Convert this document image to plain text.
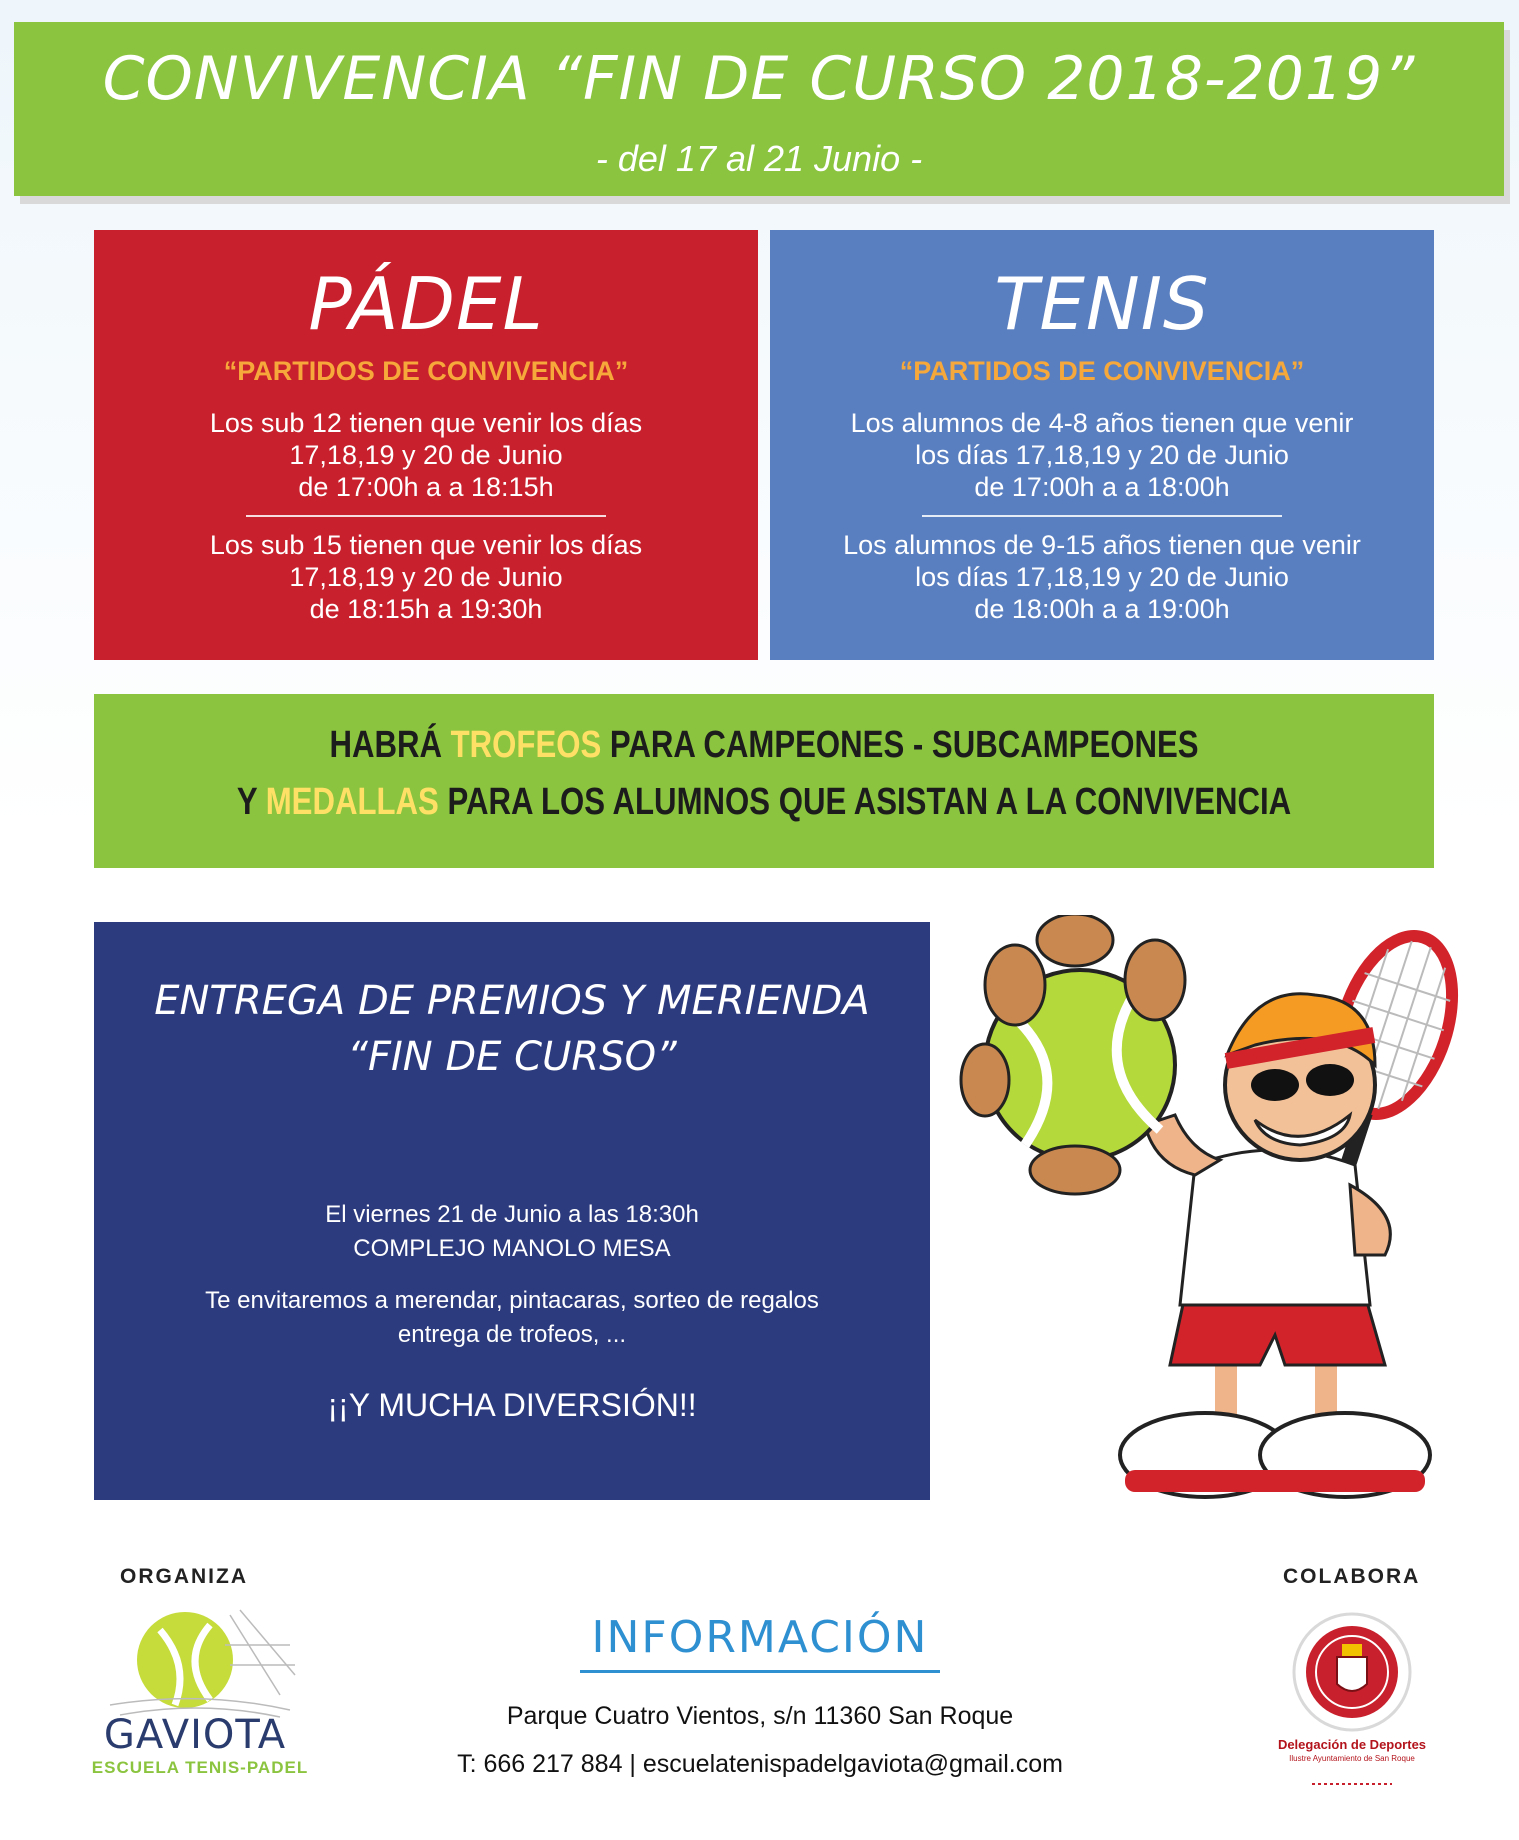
CONVIVENCIA “FIN DE CURSO 2018-2019”
- del 17 al 21 Junio -
PÁDEL
“PARTIDOS DE CONVIVENCIA”
Los sub 12 tienen que venir los días
17,18,19 y 20 de Junio
de 17:00h a a 18:15h
Los sub 15 tienen que venir los días
17,18,19 y 20 de Junio
de 18:15h a 19:30h
TENIS
“PARTIDOS DE CONVIVENCIA”
Los alumnos de 4-8 años tienen que venir
los días 17,18,19 y 20 de Junio
de 17:00h a a 18:00h
Los alumnos de 9-15 años tienen que venir
los días 17,18,19 y 20 de Junio
de 18:00h a a 19:00h
HABRÁ TROFEOS PARA CAMPEONES - SUBCAMPEONES
Y MEDALLAS PARA LOS ALUMNOS QUE ASISTAN A LA CONVIVENCIA
ENTREGA DE PREMIOS Y MERIENDA
“FIN DE CURSO”
El viernes 21 de Junio a las 18:30h
COMPLEJO MANOLO MESA
Te envitaremos a merendar, pintacaras, sorteo de regalos
entrega de trofeos, ...
¡¡Y MUCHA DIVERSIÓN!!
ORGANIZA	COLABORA
GAVIOTA
ESCUELA TENIS-PADEL
INFORMACIÓN
Parque Cuatro Vientos, s/n 11360 San Roque
T: 666 217 884 | escuelatenispadelgaviota@gmail.com
Delegación de Deportes
Ilustre Ayuntamiento de San Roque
